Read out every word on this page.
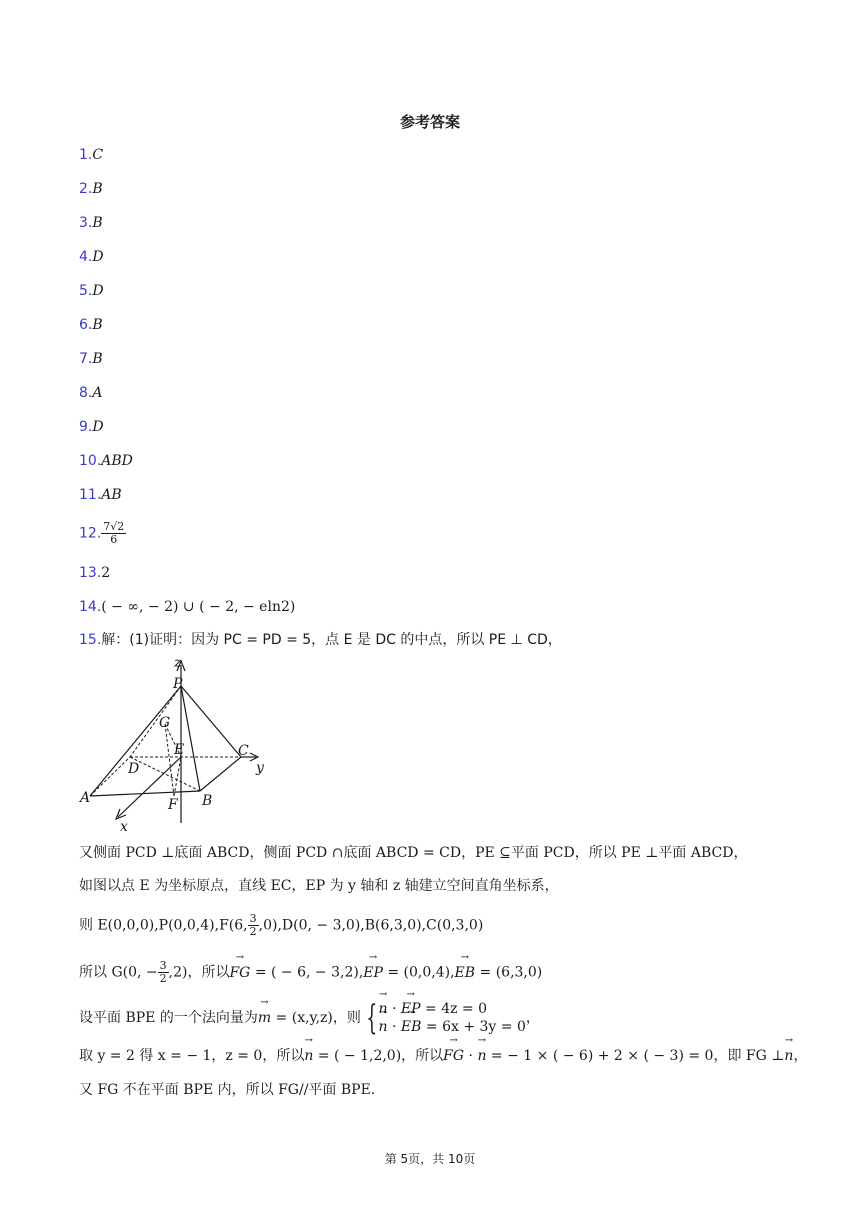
参考答案
1.C
2.B
3.B
4.D
5.D
6.B
7.B
8.A
9.D
10.ABD
11.AB
12. $\frac{7√2}{6}$
13.2
14.( − ∞, − 2) ∪ ( − 2, − eln2)
15.解：(1)证明：因为 PC = PD = 5，点 E 是 DC 的中点，所以 PE ⊥ CD，
z
P
G
E	C
y
D
A	F B
x
又侧面 PCD ⊥底面 ABCD，侧面 PCD ∩底面 ABCD = CD，PE ⊆平面 PCD，所以 PE ⊥平面 ABCD，
如图以点 E 为坐标原点，直线 EC，EP 为 y 轴和 z 轴建立空间直角坐标系，
则 E(0,0,0),P(0,0,4),F(6, $\frac{3}{2} ,0),D(0$, − 3,0),B(6,3,0),C(0,3,0)
所以 G(0, − $\frac{3}{2} ,2$)，所以→ FG = ( − 6, − 3,2),→ EP = (0,0,4),→ EB = (6,3,0)
设平面 BPE 的一个法向量为→ m = (x,y,z)，则 {
→ n · → EP = 4z = 0
→ n · → EB = 6x + 3y = 0
，
取 y = 2 得 x = − 1，z = 0，所以→ n = ( − 1,2,0)，所以→ FG · → n = − 1 × ( − 6) + 2 × ( − 3) = 0，即 FG ⊥→ n，
又 FG 不在平面 BPE 内，所以 FG//平面 BPE.
第 5页，共 10页
